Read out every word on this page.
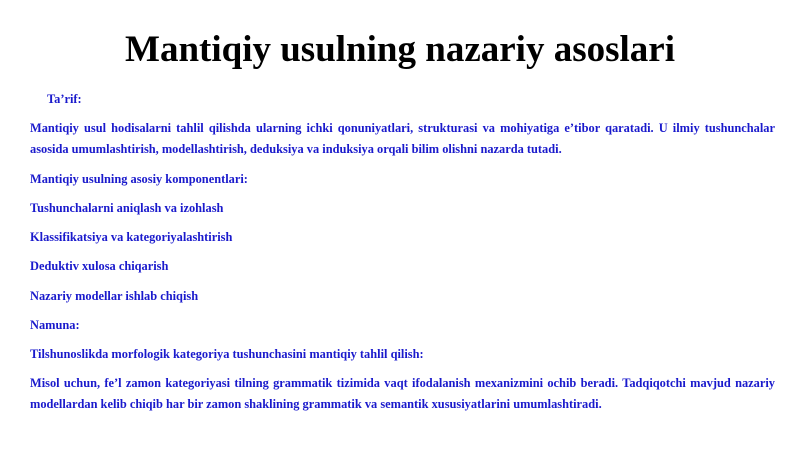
Mantiqiy usulning nazariy asoslari

Ta’rif:

Mantiqiy usul hodisalarni tahlil qilishda ularning ichki qonuniyatlari, strukturasi va mohiyatiga e’tibor qaratadi. U ilmiy tushunchalar asosida umumlashtirish, modellashtirish, deduksiya va induksiya orqali bilim olishni nazarda tutadi.

Mantiqiy usulning asosiy komponentlari:

Tushunchalarni aniqlash va izohlash

Klassifikatsiya va kategoriyalashtirish

Deduktiv xulosa chiqarish

Nazariy modellar ishlab chiqish

Namuna:

Tilshunoslikda morfologik kategoriya tushunchasini mantiqiy tahlil qilish:

Misol uchun, fe’l zamon kategoriyasi tilning grammatik tizimida vaqt ifodalanish mexanizmini ochib beradi. Tadqiqotchi mavjud nazariy modellardan kelib chiqib har bir zamon shaklining grammatik va semantik xususiyatlarini umumlashtiradi.
